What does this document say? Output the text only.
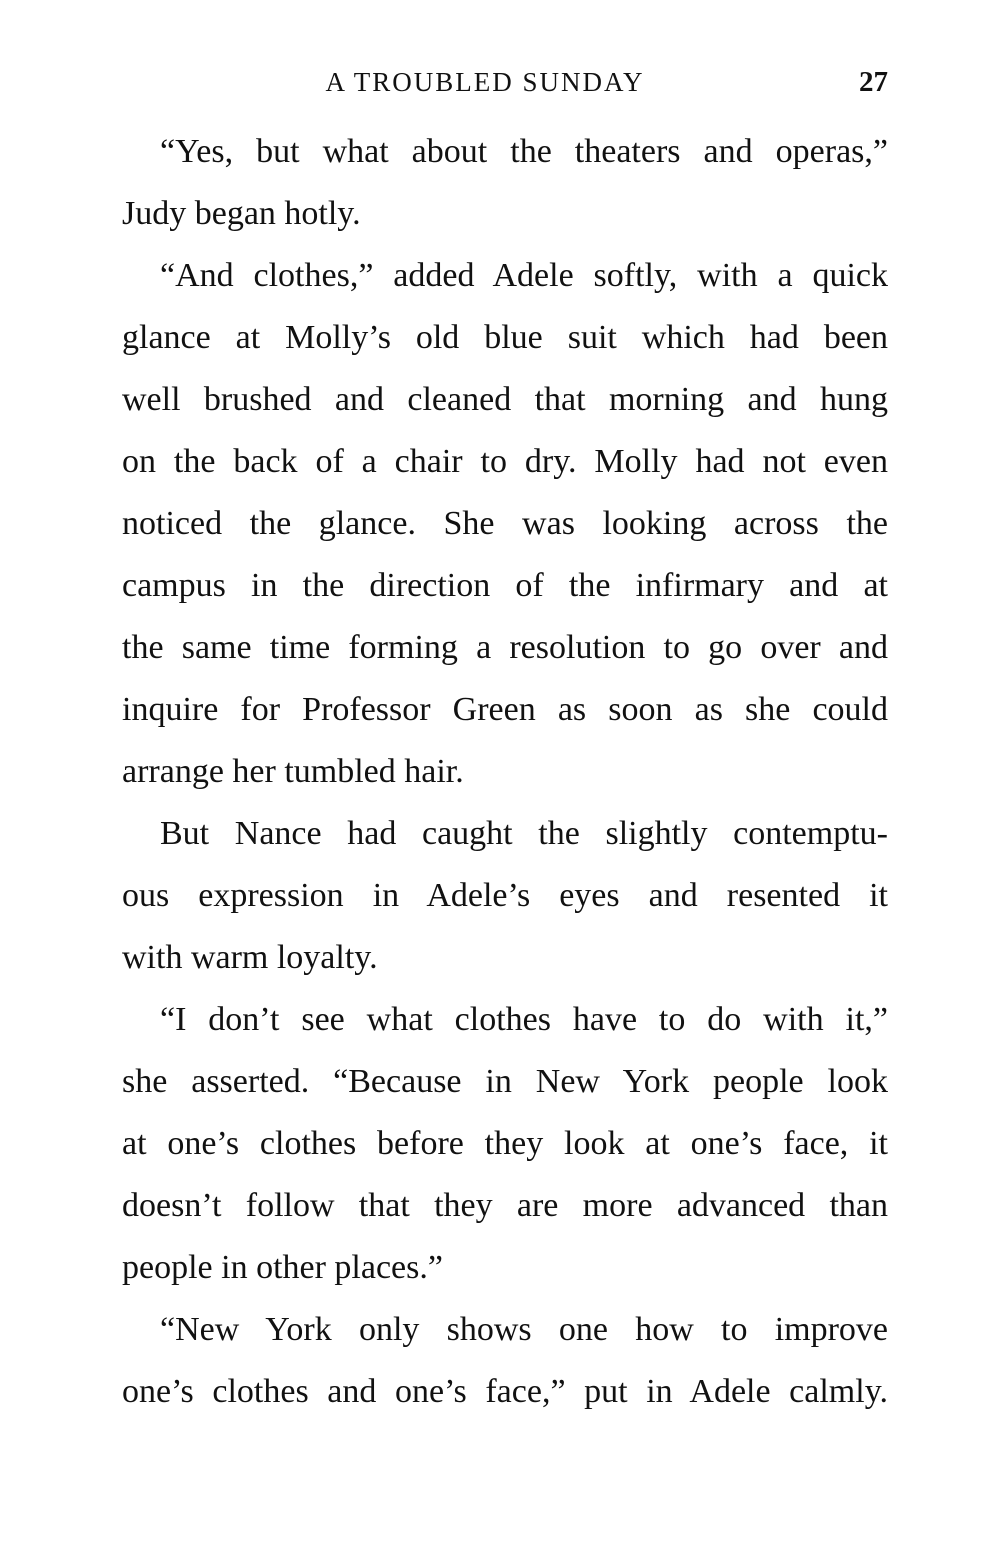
A TROUBLED SUNDAY	27
“Yes, but what about the theaters and operas,”
Judy began hotly.
“And clothes,” added Adele softly, with a quick
glance at Molly’s old blue suit which had been
well brushed and cleaned that morning and hung
on the back of a chair to dry. Molly had not even
noticed the glance. She was looking across the
campus in the direction of the infirmary and at
the same time forming a resolution to go over and
inquire for Professor Green as soon as she could
arrange her tumbled hair.
But Nance had caught the slightly contemptu-
ous expression in Adele’s eyes and resented it
with warm loyalty.
“I don’t see what clothes have to do with it,”
she asserted. “Because in New York people look
at one’s clothes before they look at one’s face, it
doesn’t follow that they are more advanced than
people in other places.”
“New York only shows one how to improve
one’s clothes and one’s face,” put in Adele calmly.
